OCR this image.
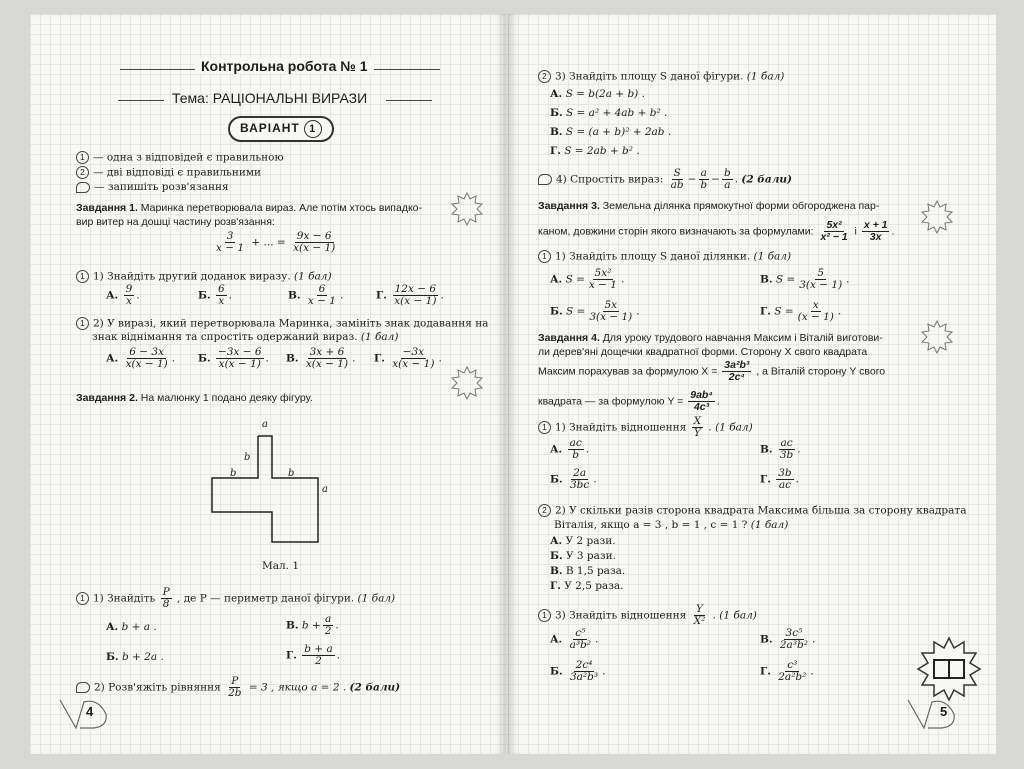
Контрольна робота № 1
Тема: РАЦІОНАЛЬНІ ВИРАЗИ
ВАРІАНТ 1
1 — одна з відповідей є правильною
2 — дві відповіді є правильними
— запишіть розв'язання
Завдання 1. Маринка перетворювала вираз. Але потім хтось випадко-
вир витер на дошці частину розв'язання:
$\frac{3}{x - 1}$ + ... = $\frac{9x - 6}{x(x - 1)}$
1 1) Знайдіть другий доданок виразу. (1 бал)
А. $\frac{9}{x}$ .	Б. $\frac{6}{x}$ .	В. $\frac{6}{x - 1}$ .	Г. $\frac{12x - 6}{x(x - 1)}$ .
1 2) У виразі, який перетворювала Маринка, замініть знак додавання на
знак віднімання та спростіть одержаний вираз. (1 бал)
А. $\frac{6 - 3x}{x(x - 1)}$ . Б. $\frac{-3x - 6}{x(x - 1)}$ . В. $\frac{3x + 6}{x(x - 1)}$ . Г. $\frac{-3x}{x(x - 1)}$ .
Завдання 2. На малюнку 1 подано деяку фігуру.
a
b
b	b
a
Мал. 1
1 1) Знайдіть $\frac{P}{8}$ , де P — периметр даної фігури. (1 бал)
А. b + a .	В. $b + \frac{a}{2}$ .
Б. b + 2a .	Г. $\frac{b + a}{2}$ .
2) Розв'яжіть рівняння $\frac{P}{2b} = 3$ , якщо a = 2 . (2 бали)
4
2 3) Знайдіть площу S даної фігури. (1 бал)
А. S = b(2a + b) .
Б. S = a² + 4ab + b² .
В. S = (a + b)² + 2ab .
Г. S = 2ab + b² .
4) Спростіть вираз: $\frac{S}{ab} - \frac{a}{b} - \frac{b}{a}$ . (2 бали)
Завдання 3. Земельна ділянка прямокутної форми обгороджена пар-
каном, довжини сторін якого визначають за формулами: $\frac{\text{5x²}}{\text{x² − 1}}$ і $\frac{x + 1}{3x}$ .
1 1) Знайдіть площу S даної ділянки. (1 бал)
А. $S = \frac{\text{5x²}}{x - 1}$ .	В. $S = \frac{5}{3(x - 1)}$ .
Б. $S = \frac{5x}{3(x - 1)}$ .	Г. $S = \frac{x}{(x - 1)}$ .
Завдання 4. Для уроку трудового навчання Максим і Віталій виготови-
ли дерев'яні дощечки квадратної форми. Сторону X свого квадрата
Максим порахував за формулою $X = \frac{\text{3a²b³}}{\text{2c⁴}}$ , а Віталій сторону Y свого
квадрата — за формулою $Y = \frac{\text{9ab⁴}}{\text{4c³}}$ .
1 1) Знайдіть відношення $\frac{X}{Y}$ . (1 бал)
А. $\frac{ac}{b}$ .	В. $\frac{ac}{3b}$ .
Б. $\frac{2a}{3bc}$ .	Г. $\frac{3b}{ac}$ .
2 2) У скільки разів сторона квадрата Максима більша за сторону квадрата
Віталія, якщо a = 3 , b = 1 , c = 1 ? (1 бал)
А. У 2 рази.
Б. У 3 рази.
В. В 1,5 раза.
Г. У 2,5 раза.
1 3) Знайдіть відношення $\frac{Y}{\text{X²}}$ . (1 бал)
А. $\frac{\text{c⁵}}{\text{a³b²}}$ .	В. $\frac{\text{3c⁵}}{\text{2a³b²}}$ .
Б. $\frac{\text{2c⁴}}{\text{3a²b³}}$ .	Г. $\frac{\text{c³}}{\text{2a²b²}}$ .
5
